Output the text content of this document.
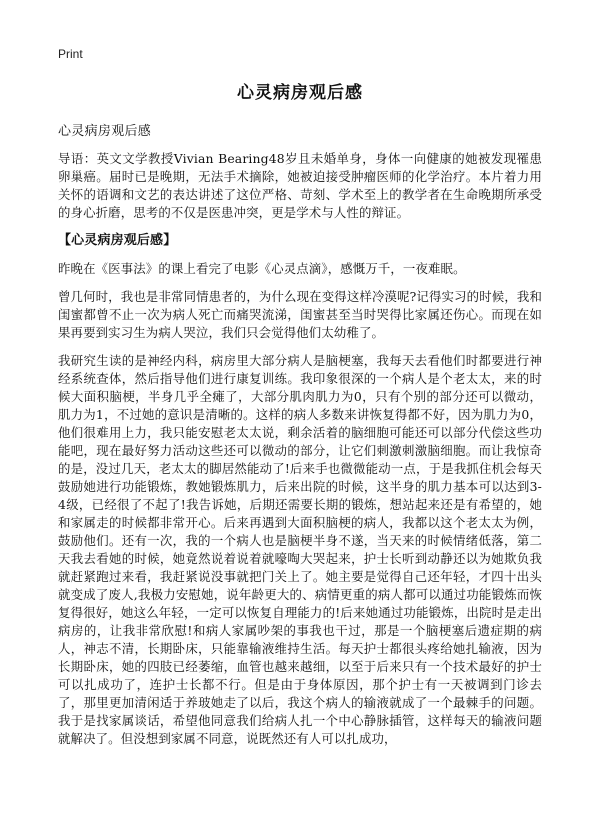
Print
心灵病房观后感
心灵病房观后感

导语：英文文学教授Vivian Bearing48岁且未婚单身，身体一向健康的她被发现罹患卵巢癌。届时已是晚期，无法手术摘除，她被迫接受肿瘤医师的化学治疗。本片着力用关怀的语调和文艺的表达讲述了这位严格、苛刻、学术至上的教学者在生命晚期所承受的身心折磨，思考的不仅是医患冲突，更是学术与人性的辩证。

【心灵病房观后感】

昨晚在《医事法》的课上看完了电影《心灵点滴》，感慨万千，一夜难眠。

曾几何时，我也是非常同情患者的，为什么现在变得这样冷漠呢?记得实习的时候，我和闺蜜都曾不止一次为病人死亡而痛哭流涕，闺蜜甚至当时哭得比家属还伤心。而现在如果再要到实习生为病人哭泣，我们只会觉得他们太幼稚了。

我研究生读的是神经内科，病房里大部分病人是脑梗塞，我每天去看他们时都要进行神经系统查体，然后指导他们进行康复训练。我印象很深的一个病人是个老太太，来的时候大面积脑梗，半身几乎全瘫了，大部分肌肉肌力为0，只有个别的部分还可以微动，肌力为1，不过她的意识是清晰的。这样的病人多数来讲恢复得都不好，因为肌力为0，他们很难用上力，我只能安慰老太太说，剩余活着的脑细胞可能还可以部分代偿这些功能吧，现在最好努力活动这些还可以微动的部分，让它们刺激刺激脑细胞。而让我惊奇的是，没过几天，老太太的脚居然能动了!后来手也微微能动一点，于是我抓住机会每天鼓励她进行功能锻炼，教她锻炼肌力，后来出院的时候，这半身的肌力基本可以达到3-4级，已经很了不起了!我告诉她，后期还需要长期的锻炼，想站起来还是有希望的，她和家属走的时候都非常开心。后来再遇到大面积脑梗的病人，我都以这个老太太为例，鼓励他们。还有一次，我的一个病人也是脑梗半身不遂，当天来的时候情绪低落，第二天我去看她的时候，她竟然说着说着就嚎啕大哭起来，护士长听到动静还以为她欺负我就赶紧跑过来看，我赶紧说没事就把门关上了。她主要是觉得自己还年轻，才四十出头就变成了废人,我极力安慰她，说年龄更大的、病情更重的病人都可以通过功能锻炼而恢复得很好，她这么年轻，一定可以恢复自理能力的!后来她通过功能锻炼，出院时是走出病房的，让我非常欣慰!和病人家属吵架的事我也干过，那是一个脑梗塞后遗症期的病人，神志不清，长期卧床，只能靠输液维持生活。每天护士都很头疼给她扎输液，因为长期卧床，她的四肢已经萎缩，血管也越来越细，以至于后来只有一个技术最好的护士可以扎成功了，连护士长都不行。但是由于身体原因，那个护士有一天被调到门诊去了，那里更加清闲适于养玻她走了以后，我这个病人的输液就成了一个最棘手的问题。我于是找家属谈话，希望他同意我们给病人扎一个中心静脉插管，这样每天的输液问题就解决了。但没想到家属不同意，说既然还有人可以扎成功，
